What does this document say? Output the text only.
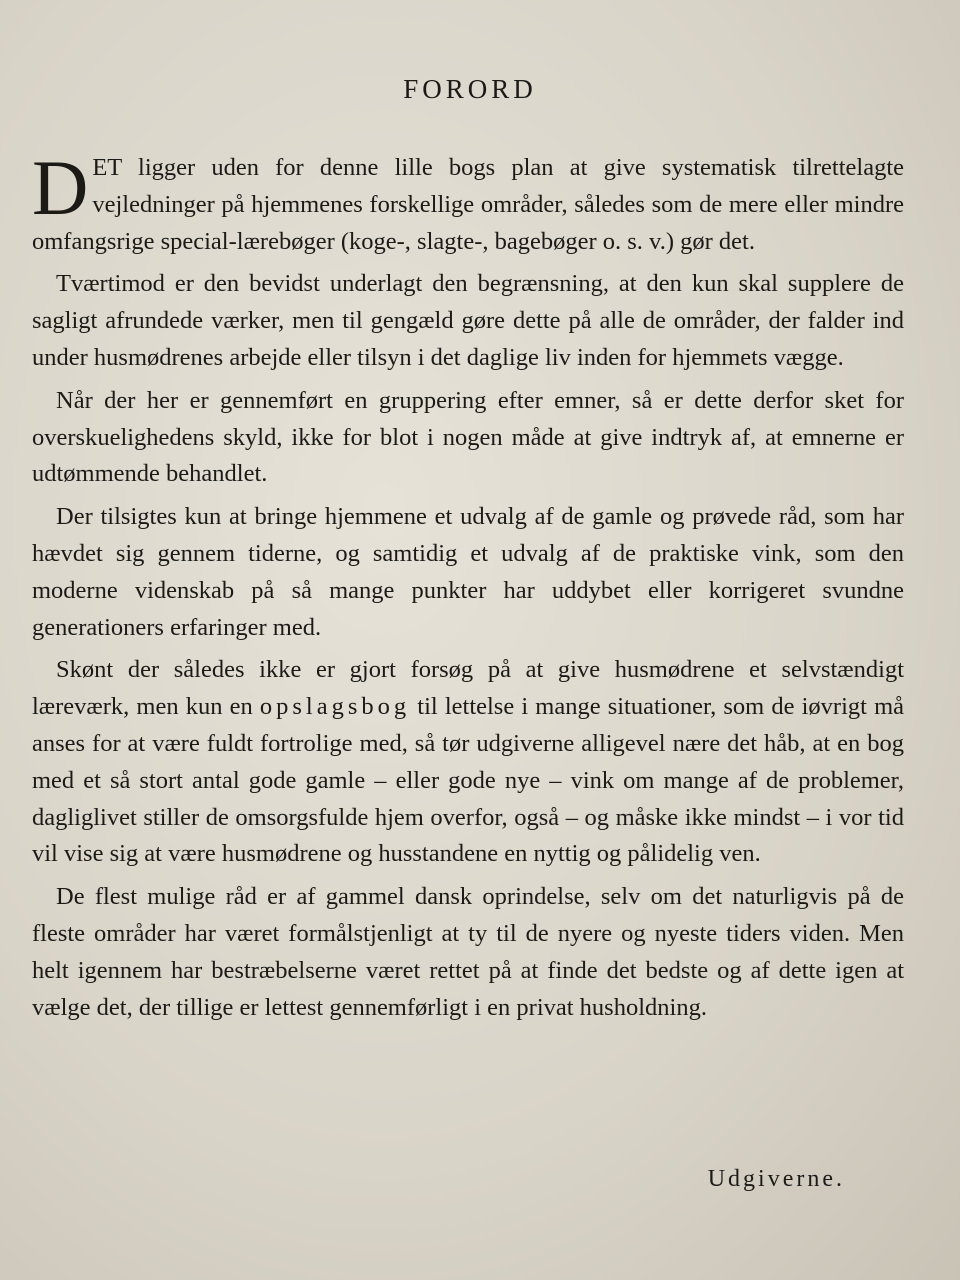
FORORD

DET ligger uden for denne lille bogs plan at give systematisk tilrettelagte vejledninger på hjemmenes forskellige områder, således som de mere eller mindre omfangsrige special-lærebøger (koge-, slagte-, bagebøger o. s. v.) gør det.

Tværtimod er den bevidst underlagt den begrænsning, at den kun skal supplere de sagligt afrundede værker, men til gengæld gøre dette på alle de områder, der falder ind under husmødrenes arbejde eller tilsyn i det daglige liv inden for hjemmets vægge.

Når der her er gennemført en gruppering efter emner, så er dette derfor sket for overskuelighedens skyld, ikke for blot i nogen måde at give indtryk af, at emnerne er udtømmende behandlet.

Der tilsigtes kun at bringe hjemmene et udvalg af de gamle og prøvede råd, som har hævdet sig gennem tiderne, og samtidig et udvalg af de praktiske vink, som den moderne videnskab på så mange punkter har uddybet eller korrigeret svundne generationers erfaringer med.

Skønt der således ikke er gjort forsøg på at give husmødrene et selvstændigt læreværk, men kun en opslagsbog til lettelse i mange situationer, som de iøvrigt må anses for at være fuldt fortrolige med, så tør udgiverne alligevel nære det håb, at en bog med et så stort antal gode gamle – eller gode nye – vink om mange af de problemer, dagliglivet stiller de omsorgsfulde hjem overfor, også – og måske ikke mindst – i vor tid vil vise sig at være husmødrene og husstandene en nyttig og pålidelig ven.

De flest mulige råd er af gammel dansk oprindelse, selv om det naturligvis på de fleste områder har været formålstjenligt at ty til de nyere og nyeste tiders viden. Men helt igennem har bestræbelserne været rettet på at finde det bedste og af dette igen at vælge det, der tillige er lettest gennemførligt i en privat husholdning.

Udgiverne.
